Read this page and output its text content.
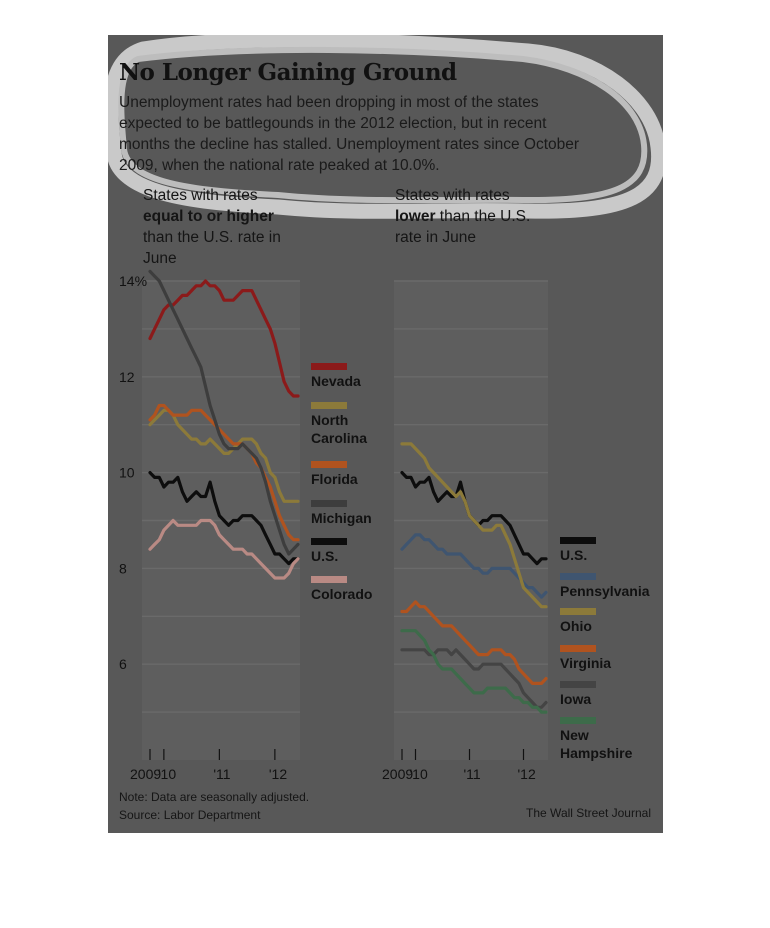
No Longer Gaining Ground
Unemployment rates had been dropping in most of the states expected to be battlegounds in the 2012 election, but in recent months the decline has stalled. Unemployment rates since October 2009, when the national rate peaked at 10.0%.
States with rates
equal to or higher than the U.S. rate in June
States with rates
lower than the U.S. rate in June
14%
12
10
8
6
2009
'10	'11	'12
Nevada
North
Carolina
Florida
Michigan
U.S.
Colorado
2009
'10	'11	'12
U.S.
Pennsylvania
Ohio
Virginia
Iowa
New
Hampshire
Note: Data are seasonally adjusted.
Source: Labor Department	The Wall Street Journal
